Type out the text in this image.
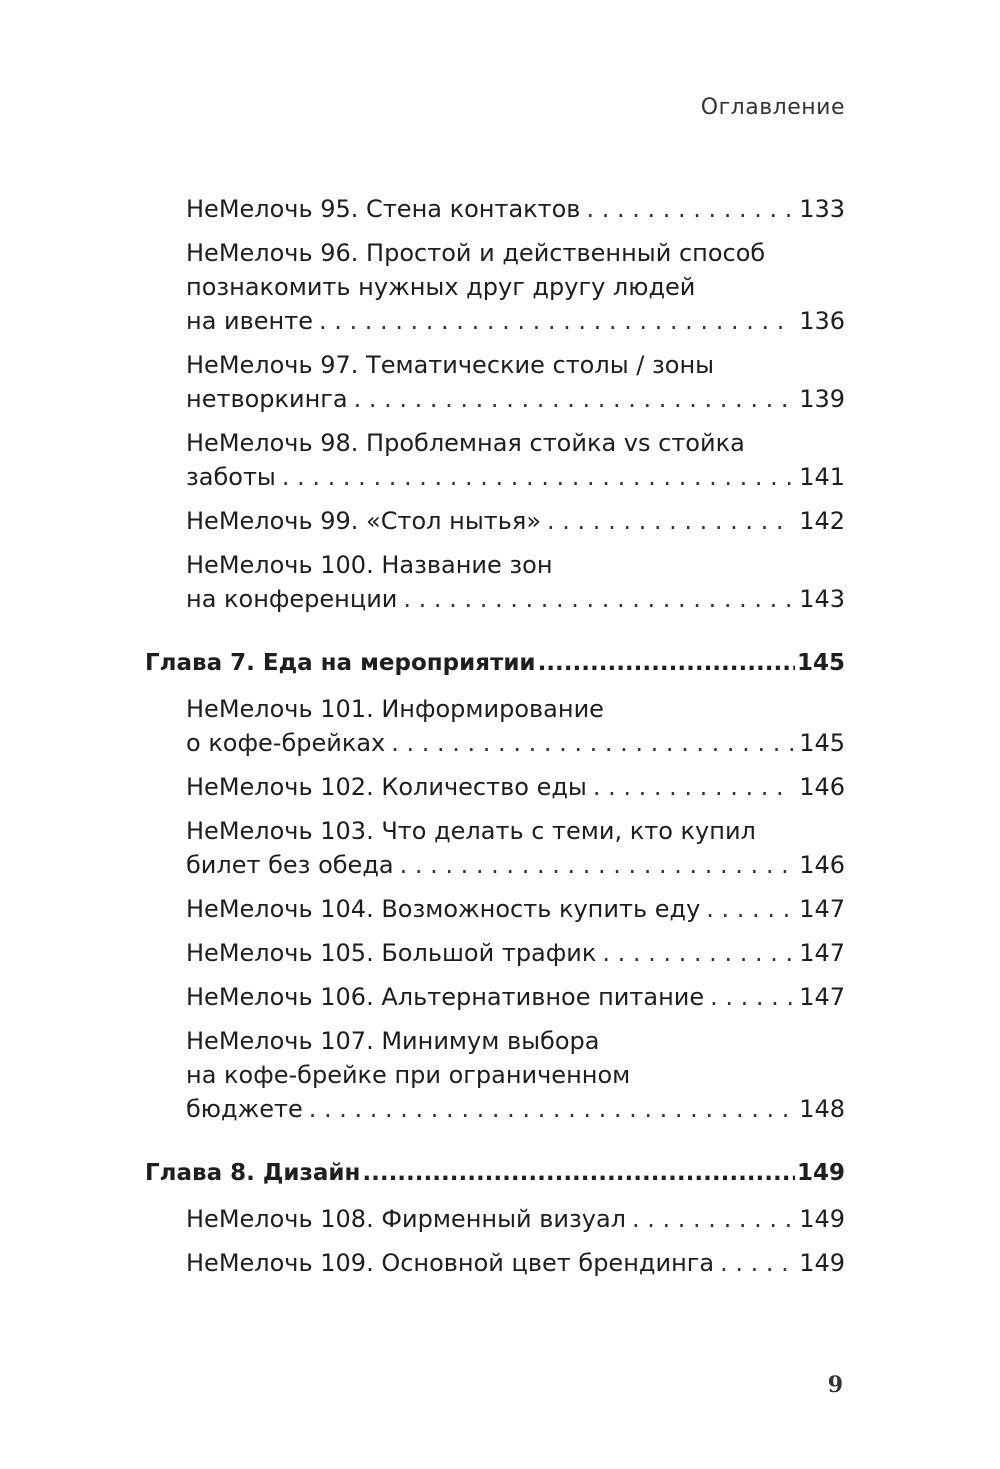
Оглавление
НеМелочь 95. Стена контактов . . .	133
НеМелочь 96. Простой и действенный способ
познакомить нужных друг другу людей
на ивенте . . .	136
НеМелочь 97. Тематические столы / зоны
нетворкинга . . .	139
НеМелочь 98. Проблемная стойка vs стойка
заботы . . .	141
НеМелочь 99. «Стол нытья» . . .	142
НеМелочь 100. Название зон
на конференции . . .	143
Глава 7. Еда на мероприятии .....	145
НеМелочь 101. Информирование
о кофе-брейках . . .	145
НеМелочь 102. Количество еды . . .	146
НеМелочь 103. Что делать с теми, кто купил
билет без обеда . . .	146
НеМелочь 104. Возможность купить еду . . .	147
НеМелочь 105. Большой трафик . . .	147
НеМелочь 106. Альтернативное питание . . .	147
НеМелочь 107. Минимум выбора
на кофе-брейке при ограниченном
бюджете . . .	148
Глава 8. Дизайн .....	149
НеМелочь 108. Фирменный визуал . . .	149
НеМелочь 109. Основной цвет брендинга . . .	149
9
